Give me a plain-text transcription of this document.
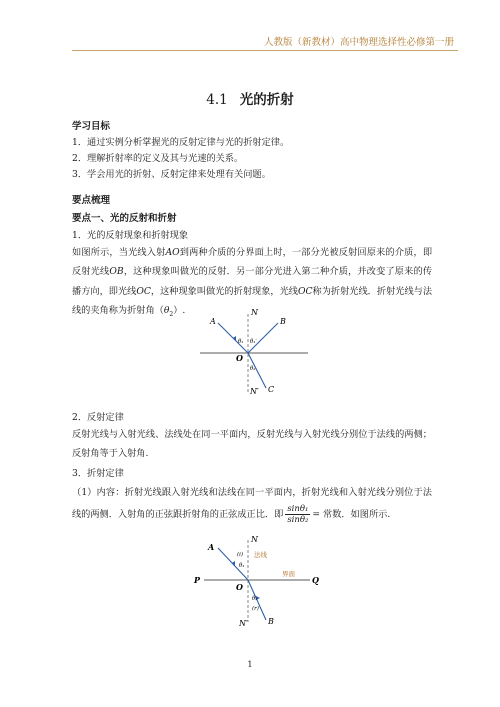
人教版（新教材）高中物理选择性必修第一册
4.1 光的折射
学习目标
1．通过实例分析掌握光的反射定律与光的折射定律。
2．理解折射率的定义及其与光速的关系。
3．学会用光的折射、反射定律来处理有关问题。
要点梳理
要点一、光的反射和折射
1．光的反射现象和折射现象
如图所示，当光线入射AO到两种介质的分界面上时，一部分光被反射回原来的介质，即反射光线OB，这种现象叫做光的反射．另一部分光进入第二种介质，并改变了原来的传播方向，即光线OC，这种现象叫做光的折射现象，光线OC称为折射光线．折射光线与法线的夹角称为折射角$(\theta_2)$.
A	B
N
O
N′ C
θ₁ θ₁′
θ₂
2．反射定律
反射光线与入射光线、法线处在同一平面内，反射光线与入射光线分别位于法线的两侧；反射角等于入射角.
3．折射定律
（1）内容：折射光线跟入射光线和法线在同一平面内，折射光线和入射光线分别位于法线的两侧．入射角的正弦跟折射角的正弦成正比．即 $\frac{\text{sinθ₁}}{\text{sinθ₂}}$ = 常数．如图所示.
A
N
P
O
Q
N′	B
(i)
θ₁
θ₂
(r)
法线
界面
1
